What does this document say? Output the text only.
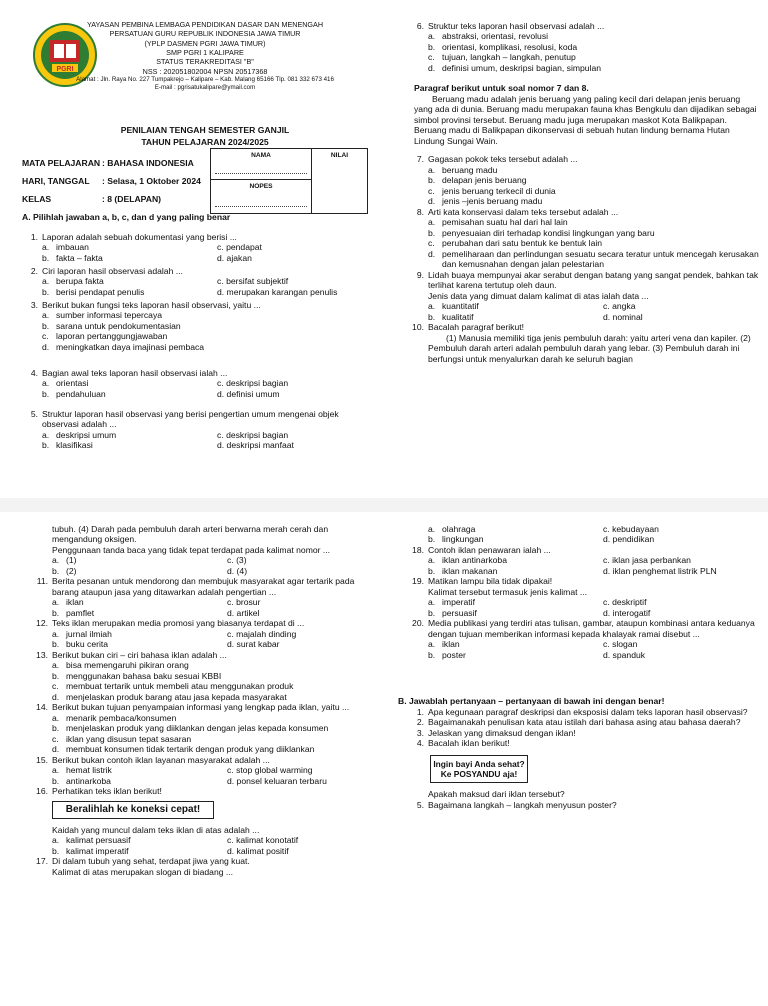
PGRI
YAYASAN PEMBINA LEMBAGA PENDIDIKAN DASAR DAN MENENGAH
PERSATUAN GURU REPUBLIK INDONESIA JAWA TIMUR
(YPLP DASMEN PGRI JAWA TIMUR)
SMP PGRI 1 KALIPARE
STATUS TERAKREDITASI "B"
NSS : 202051802004 NPSN 20517368
Alamat : Jln. Raya No. 227 Tumpakrejo – Kalipare – Kab. Malang 65166 Tlp. 081 332 673 416
E-mail : pgrisatukalipare@ymail.com
PENILAIAN TENGAH SEMESTER GANJIL
TAHUN PELAJARAN 2024/2025
MATA PELAJARAN : BAHASA INDONESIA
HARI, TANGGAL	: Selasa, 1 Oktober 2024
KELAS	: 8 (DELAPAN)
NAMA	NILAI
NOPES
A. Pilihlah jawaban a, b, c, dan d yang paling benar
1. Laporan adalah sebuah dokumentasi yang berisi ...
a. imbauan	c. pendapat
b. fakta – fakta	d. ajakan
2. Ciri laporan hasil observasi adalah ...
a. berupa fakta	c. bersifat subjektif
b. berisi pendapat penulis	d. merupakan karangan penulis
3. Berikut bukan fungsi teks laporan hasil observasi, yaitu ...
a. sumber informasi tepercaya
b. sarana untuk pendokumentasian
c. laporan pertanggungjawaban
d. meningkatkan daya imajinasi pembaca
4. Bagian awal teks laporan hasil observasi ialah ...
a. orientasi	c. deskripsi bagian
b. pendahuluan	d. definisi umum
5. Struktur laporan hasil observasi yang berisi pengertian umum mengenai objek observasi adalah ...
a. deskripsi umum	c. deskripsi bagian
b. klasifikasi	d. deskripsi manfaat
6. Struktur teks laporan hasil observasi adalah ...
a. abstraksi, orientasi, revolusi
b. orientasi, komplikasi, resolusi, koda
c. tujuan, langkah – langkah, penutup
d. definisi umum, deskripsi bagian, simpulan
Paragraf berikut untuk soal nomor 7 dan 8.
Beruang madu adalah jenis beruang yang paling kecil dari delapan jenis beruang yang ada di dunia. Beruang madu merupakan fauna khas Bengkulu dan dijadikan sebagai simbol provinsi tersebut. Beruang madu juga merupakan maskot Kota Balikpapan. Beruang madu di Balikpapan dikonservasi di sebuah hutan lindung bernama Hutan Lindung Sungai Wain.
7. Gagasan pokok teks tersebut adalah ...
a. beruang madu
b. delapan jenis beruang
c. jenis beruang terkecil di dunia
d. jenis –jenis beruang madu
8. Arti kata konservasi dalam teks tersebut adalah ...
a. pemisahan suatu hal dari hal lain
b. penyesuaian diri terhadap kondisi lingkungan yang baru
c. perubahan dari satu bentuk ke bentuk lain
d. pemeliharaan dan perlindungan sesuatu secara teratur untuk mencegah kerusakan dan kemusnahan dengan jalan pelestarian
9. Lidah buaya mempunyai akar serabut dengan batang yang sangat pendek, bahkan tak terlihat karena tertutup oleh daun.
Jenis data yang dimuat dalam kalimat di atas ialah data ...
a. kuantitatif	c. angka
b. kualitatif	d. nominal
10. Bacalah paragraf berikut!
(1) Manusia memiliki tiga jenis pembuluh darah: yaitu arteri vena dan kapiler. (2) Pembuluh darah arteri adalah pembuluh darah yang lebar. (3) Pembuluh darah ini berfungsi untuk menyalurkan darah ke seluruh bagian
tubuh. (4) Darah pada pembuluh darah arteri berwarna merah cerah dan mengandung oksigen.
Penggunaan tanda baca yang tidak tepat terdapat pada kalimat nomor ...
a. (1)	c. (3)
b. (2)	d. (4)
11. Berita pesanan untuk mendorong dan membujuk masyarakat agar tertarik pada barang ataupun jasa yang ditawarkan adalah pengertian ...
a. iklan	c. brosur
b. pamflet	d. artikel
12. Teks iklan merupakan media promosi yang biasanya terdapat di ...
a. jurnal ilmiah	c. majalah dinding
b. buku cerita	d. surat kabar
13. Berikut bukan ciri – ciri bahasa iklan adalah ...
a. bisa memengaruhi pikiran orang
b. menggunakan bahasa baku sesuai KBBI
c. membuat tertarik untuk membeli atau menggunakan produk
d. menjelaskan produk barang atau jasa kepada masyarakat
14. Berikut bukan tujuan penyampaian informasi yang lengkap pada iklan, yaitu ...
a. menarik pembaca/konsumen
b. menjelaskan produk yang diiklankan dengan jelas kepada konsumen
c. iklan yang disusun tepat sasaran
d. membuat konsumen tidak tertarik dengan produk yang diiklankan
15. Berikut bukan contoh iklan layanan masyarakat adalah ...
a. hemat listrik	c. stop global warming
b. antinarkoba	d. ponsel keluaran terbaru
16. Perhatikan teks iklan berikut!
Beralihlah ke koneksi cepat!
Kaidah yang muncul dalam teks iklan di atas adalah ...
a. kalimat persuasif	c. kalimat konotatif
b. kalimat imperatif	d. kalimat positif
17. Di dalam tubuh yang sehat, terdapat jiwa yang kuat.
Kalimat di atas merupakan slogan di biadang ...
a. olahraga	c. kebudayaan
b. lingkungan	d. pendidikan
18. Contoh iklan penawaran ialah ...
a. iklan antinarkoba	c. iklan jasa perbankan
b. iklan makanan	d. iklan penghemat listrik PLN
19. Matikan lampu bila tidak dipakai!
Kalimat tersebut termasuk jenis kalimat ...
a. imperatif	c. deskriptif
b. persuasif	d. interogatif
20. Media publikasi yang terdiri atas tulisan, gambar, ataupun kombinasi antara keduanya dengan tujuan memberikan informasi kepada khalayak ramai disebut ...
a. iklan	c. slogan
b. poster	d. spanduk
B. Jawablah pertanyaan – pertanyaan di bawah ini dengan benar!
1. Apa kegunaan paragraf deskripsi dan eksposisi dalam teks laporan hasil observasi?
2. Bagaimanakah penulisan kata atau istilah dari bahasa asing atau bahasa daerah?
3. Jelaskan yang dimaksud dengan iklan!
4. Bacalah iklan berikut!
Ingin bayi Anda sehat?
Ke POSYANDU aja!
Apakah maksud dari iklan tersebut?
5. Bagaimana langkah – langkah menyusun poster?
